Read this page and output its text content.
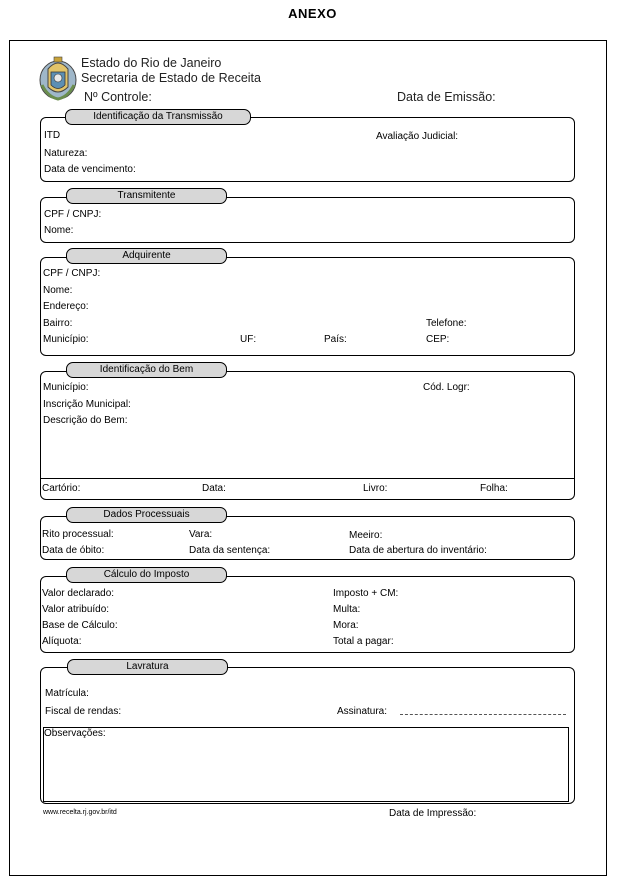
ANEXO
Estado do Rio de Janeiro
Secretaria de Estado de Receita
Nº Controle:	Data de Emissão:
Identificação da Transmissão
ITD	Avaliação Judicial:
Natureza:
Data de vencimento:
Transmitente
CPF / CNPJ:
Nome:
Adquirente
CPF / CNPJ:
Nome:
Endereço:
Bairro:	Telefone:
Município:	UF:	País:	CEP:
Identificação do Bem
Município:	Cód. Logr:
Inscrição Municipal:
Descrição do Bem:
Cartório:	Data:	Livro:	Folha:
Dados Processuais
Rito processual:	Vara:	Meeiro:
Data de óbito:	Data da sentença:	Data de abertura do inventário:
Cálculo do Imposto
Valor declarado:	Imposto + CM:
Valor atribuído:	Multa:
Base de Cálculo:	Mora:
Alíquota:	Total a pagar:
Lavratura
Matrícula:
Fiscal de rendas:	Assinatura:
Observações:
www.recelta.rj.gov.br/itd	Data de Impressão:
